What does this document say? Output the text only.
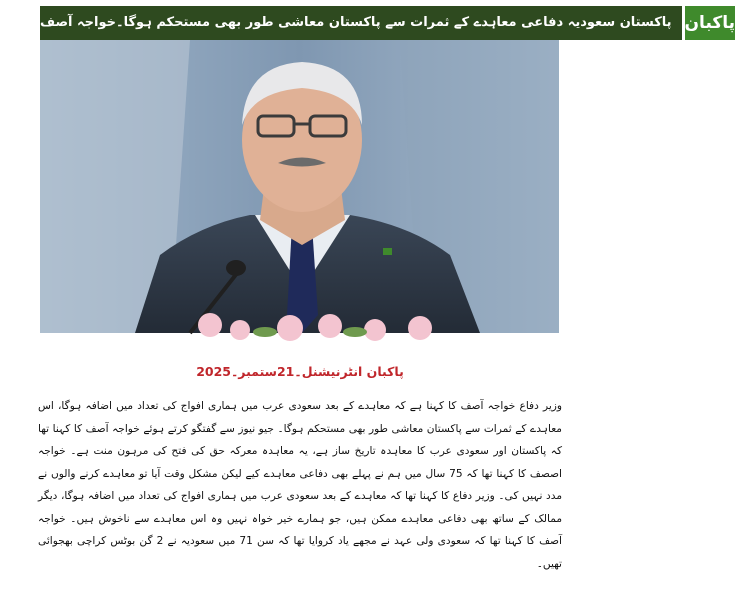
پاکستان سعودیہ دفاعی معاہدے کے ثمرات سے پاکستان معاشی طور بھی مستحکم ہوگا۔خواجہ آصف پاکبان
پاکبان انٹرنیشنل۔21ستمبر۔2025

وزیر دفاع خواجہ آصف کا کہنا ہے کہ معاہدے کے بعد سعودی عرب میں ہماری افواج کی تعداد میں اضافہ ہوگا، اس معاہدے کے ثمرات سے پاکستان معاشی طور بھی مستحکم ہوگا۔ جیو نیوز سے گفتگو کرتے ہوئے خواجہ آصف کا کہنا تھا کہ پاکستان اور سعودی عرب کا معاہدہ تاریخ ساز ہے، یہ معاہدہ معرکہ حق کی فتح کی مرہون منت ہے۔ خواجہ اصصف کا کہنا تھا کہ 75 سال میں ہم نے پہلے بھی دفاعی معاہدے کیے لیکن مشکل وقت آیا تو معاہدے کرنے والوں نے مدد نہیں کی۔ وزیر دفاع کا کہنا تھا کہ معاہدے کے بعد سعودی عرب میں ہماری افواج کی تعداد میں اضافہ ہوگا، دیگر ممالک کے ساتھ بھی دفاعی معاہدے ممکن ہیں، جو ہمارے خیر خواہ نہیں وہ اس معاہدے سے ناخوش ہیں۔ خواجہ آصف کا کہنا تھا کہ سعودی ولی عہد نے مجھے یاد کروایا تھا کہ سن 71 میں سعودیہ نے 2 گن بوٹس کراچی بھجوائی تھیں۔
